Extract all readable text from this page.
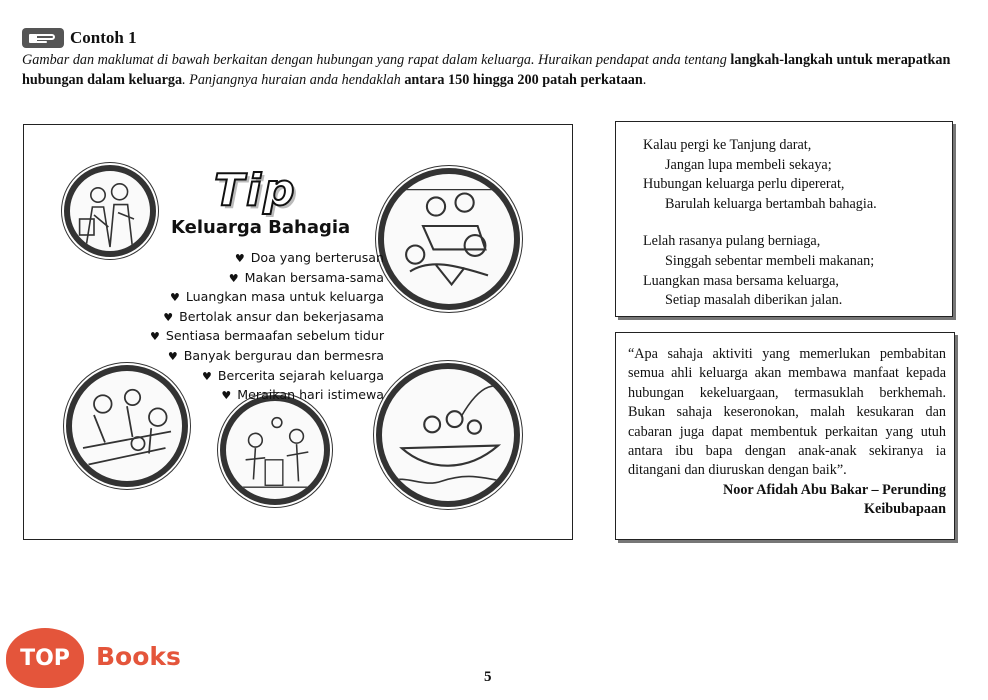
Contoh 1
Gambar dan maklumat di bawah berkaitan dengan hubungan yang rapat dalam keluarga. Huraikan pendapat anda tentang langkah-langkah untuk merapatkan hubungan dalam keluarga. Panjangnya huraian anda hendaklah antara 150 hingga 200 patah perkataan.
Tip
Keluarga Bahagia
♥ Doa yang berterusan
♥ Makan bersama-sama
♥ Luangkan masa untuk keluarga
♥ Bertolak ansur dan bekerjasama
♥ Sentiasa bermaafan sebelum tidur
♥ Banyak bergurau dan bermesra
♥ Bercerita sejarah keluarga
♥ Meraikan hari istimewa
Kalau pergi ke Tanjung darat,
Jangan lupa membeli sekaya;
Hubungan keluarga perlu dipererat,
Barulah keluarga bertambah bahagia.
Lelah rasanya pulang berniaga,
Singgah sebentar membeli makanan;
Luangkan masa bersama keluarga,
Setiap masalah diberikan jalan.
“Apa sahaja aktiviti yang memerlukan pembabitan semua ahli keluarga akan membawa manfaat kepada hubungan kekeluargaan, termasuklah berkhemah. Bukan sahaja keseronokan, malah kesukaran dan cabaran juga dapat membentuk perkaitan yang utuh antara ibu bapa dengan anak-anak sekiranya ia ditangani dan diuruskan dengan baik”.
Noor Afidah Abu Bakar – Perunding
Keibubapaan
5
TOP	Books
